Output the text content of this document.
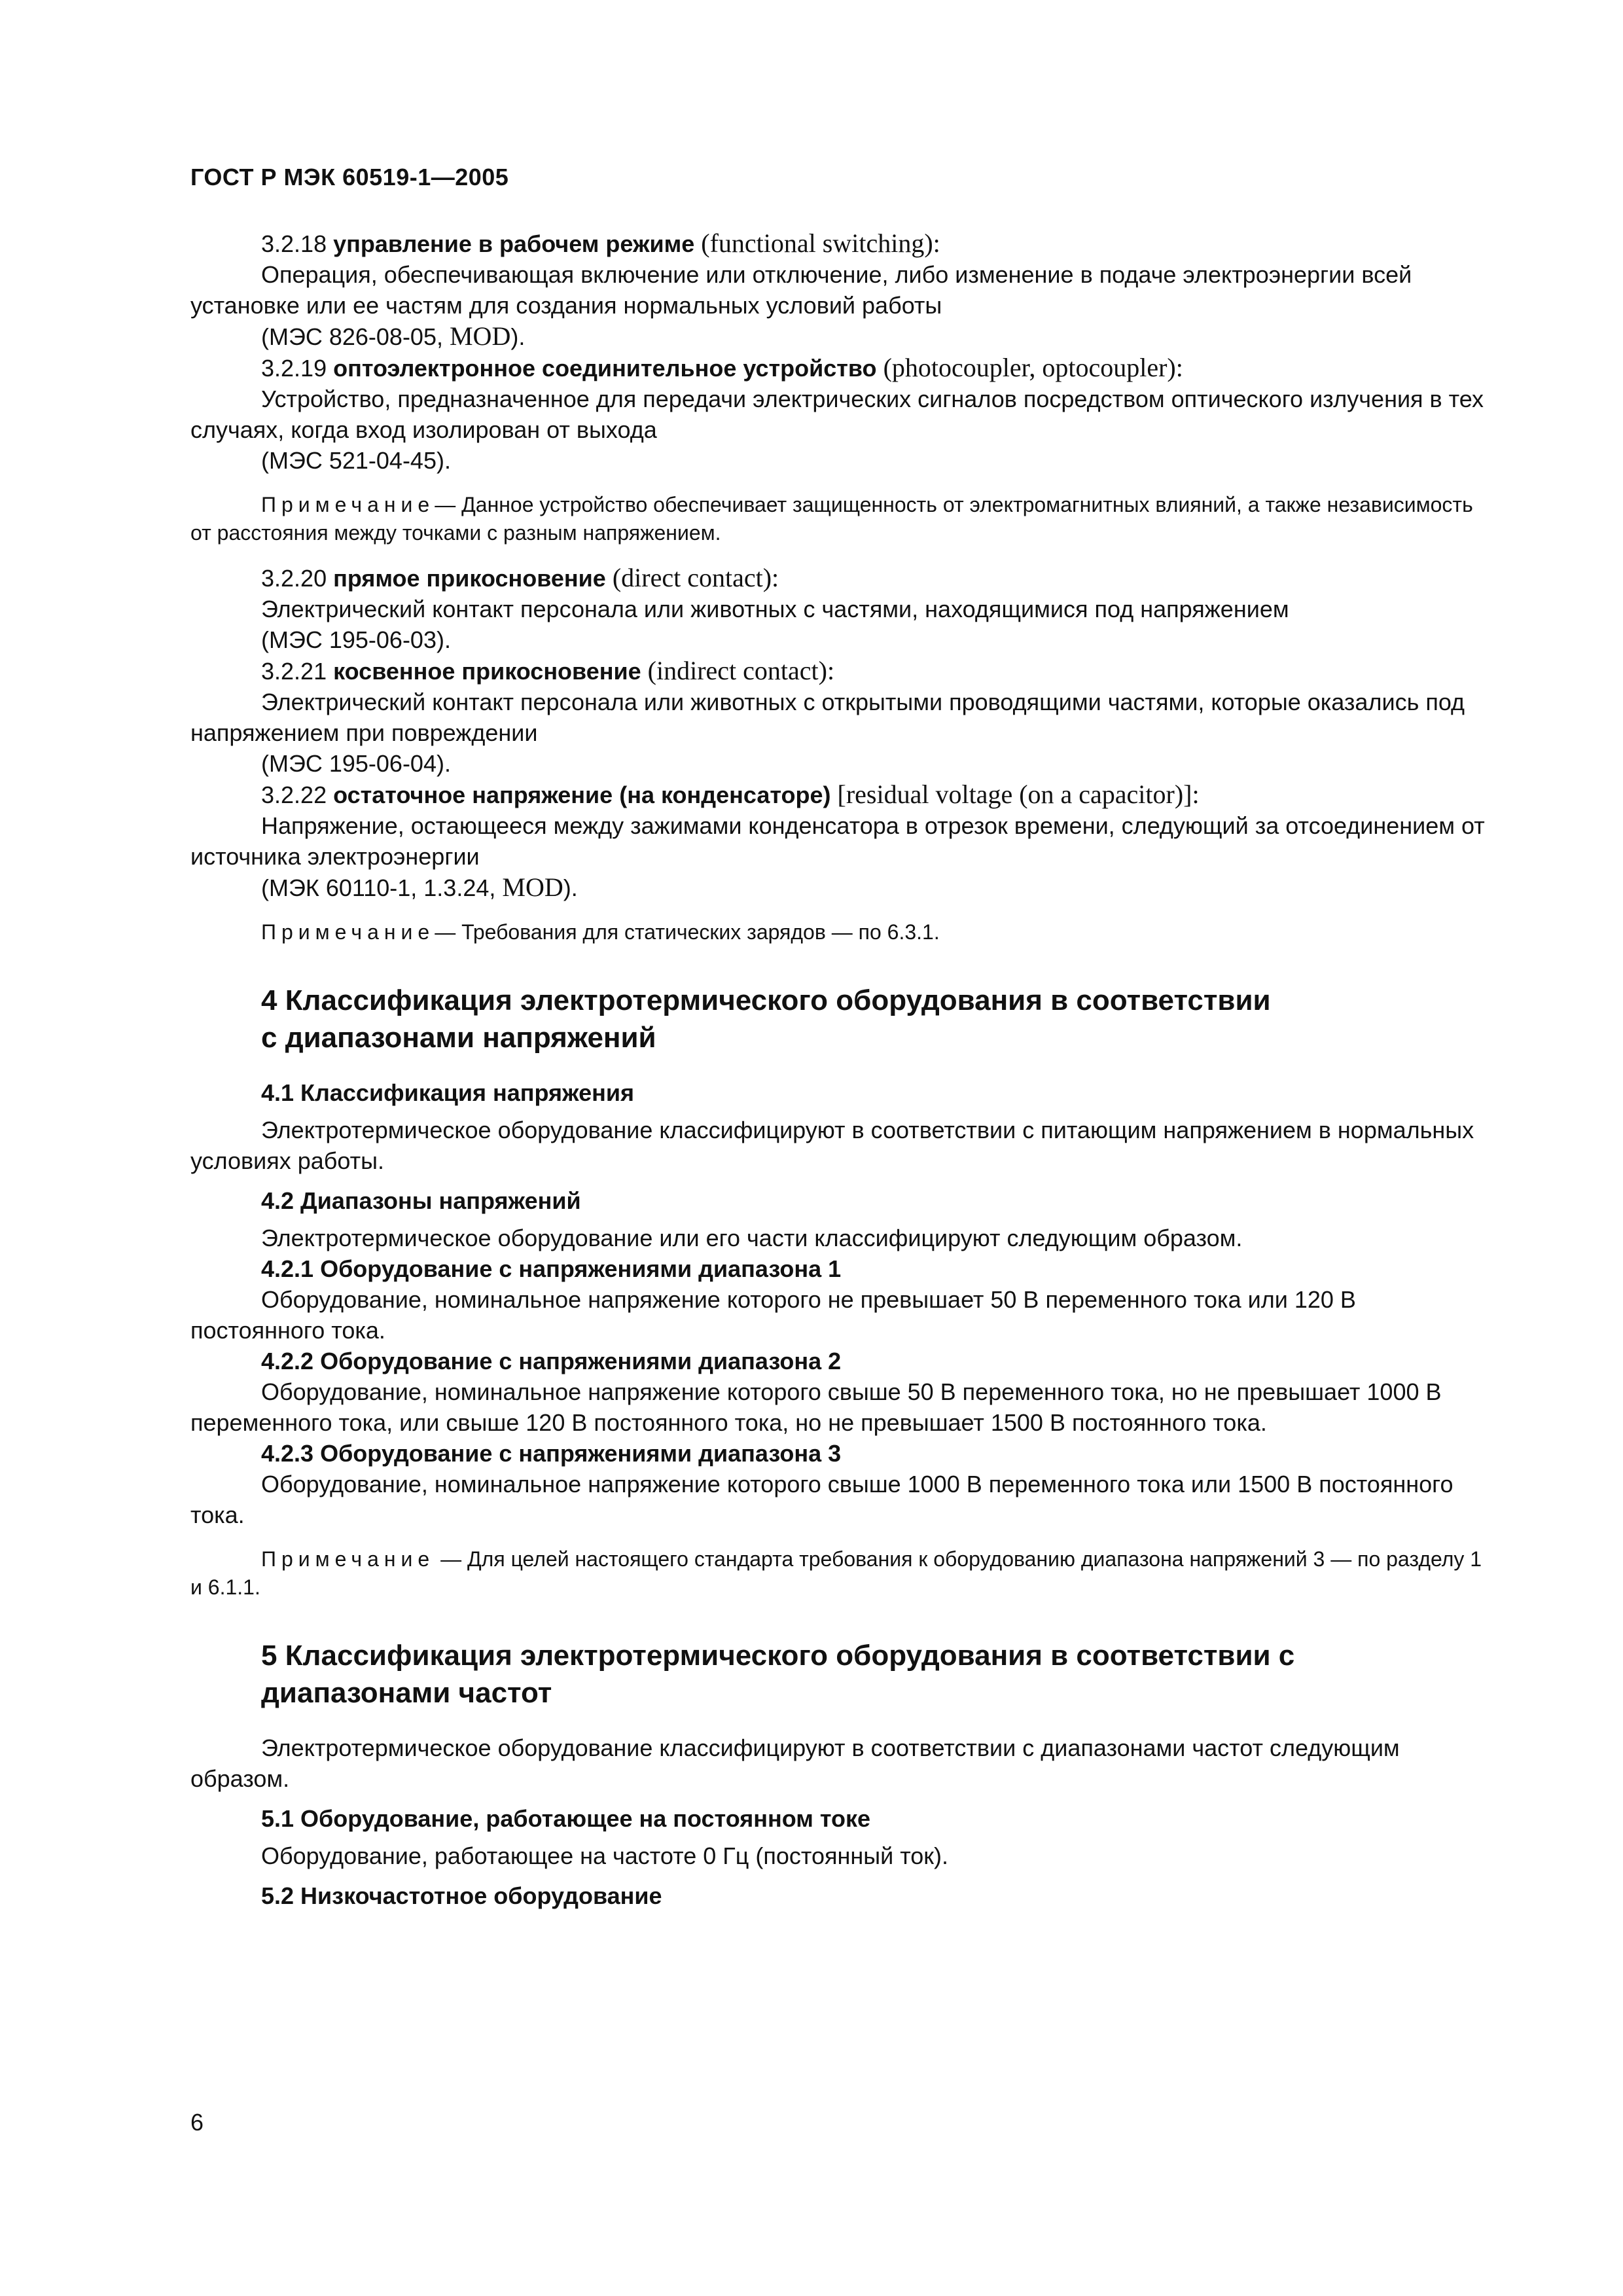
ГОСТ Р МЭК 60519-1—2005

3.2.18 управление в рабочем режиме (functional switching):

Операция, обеспечивающая включение или отключение, либо изменение в подаче электроэнергии всей установке или ее частям для создания нормальных условий работы

(МЭС 826-08-05, MOD).

3.2.19 оптоэлектронное соединительное устройство (photocoupler, optocoupler):

Устройство, предназначенное для передачи электрических сигналов посредством оптического излучения в тех случаях, когда вход изолирован от выхода

(МЭС 521-04-45).

Примечание— Данное устройство обеспечивает защищенность от электромагнитных влияний, а также независимость от расстояния между точками с разным напряжением.

3.2.20 прямое прикосновение (direct contact):

Электрический контакт персонала или животных с частями, находящимися под напряжением

(МЭС 195-06-03).

3.2.21 косвенное прикосновение (indirect contact):

Электрический контакт персонала или животных с открытыми проводящими частями, которые оказались под напряжением при повреждении

(МЭС 195-06-04).

3.2.22 остаточное напряжение (на конденсаторе) [residual voltage (on a capacitor)]:

Напряжение, остающееся между зажимами конденсатора в отрезок времени, следующий за отсоединением от источника электроэнергии

(МЭК 60110-1, 1.3.24, MOD).

Примечание— Требования для статических зарядов — по 6.3.1.

4 Классификация электротермического оборудования в соответствии
с диапазонами напряжений

4.1 Классификация напряжения

Электротермическое оборудование классифицируют в соответствии с питающим напряжением в нормальных условиях работы.

4.2 Диапазоны напряжений

Электротермическое оборудование или его части классифицируют следующим образом.

4.2.1 Оборудование с напряжениями диапазона 1

Оборудование, номинальное напряжение которого не превышает 50 В переменного тока или 120 В постоянного тока.

4.2.2 Оборудование с напряжениями диапазона 2

Оборудование, номинальное напряжение которого свыше 50 В переменного тока, но не превышает 1000 В переменного тока, или свыше 120 В постоянного тока, но не превышает 1500 В постоянного тока.

4.2.3 Оборудование с напряжениями диапазона 3

Оборудование, номинальное напряжение которого свыше 1000 В переменного тока или 1500 В постоянного тока.

Примечание — Для целей настоящего стандарта требования к оборудованию диапазона напряжений 3 — по разделу 1 и 6.1.1.

5 Классификация электротермического оборудования в соответствии с
диапазонами частот

Электротермическое оборудование классифицируют в соответствии с диапазонами частот следующим образом.

5.1 Оборудование, работающее на постоянном токе

Оборудование, работающее на частоте 0 Гц (постоянный ток).

5.2 Низкочастотное оборудование

6
